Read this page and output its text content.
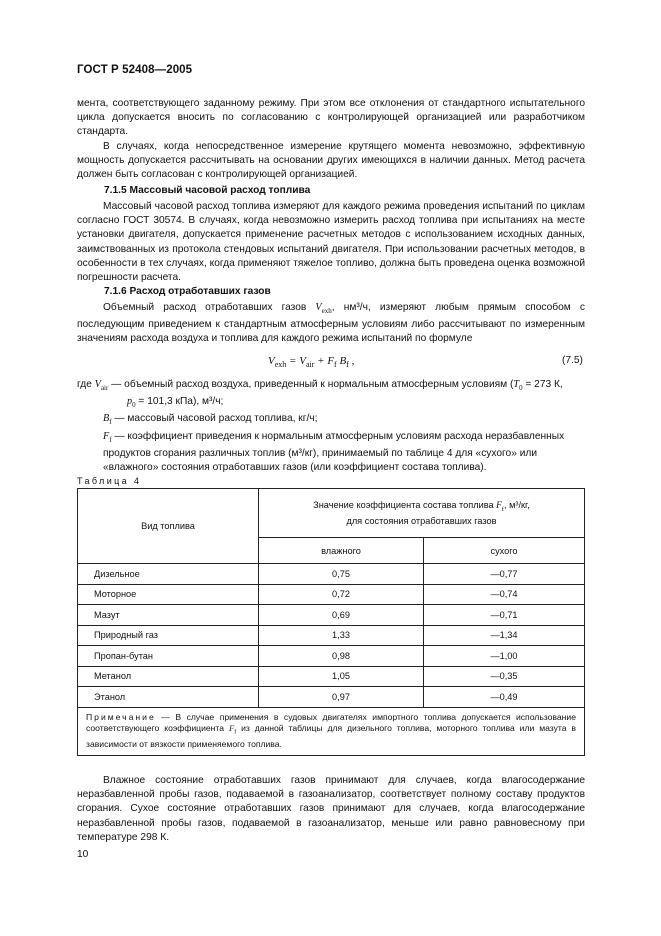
ГОСТ Р 52408—2005
мента, соответствующего заданному режиму. При этом все отклонения от стандартного испытательного цикла допускается вносить по согласованию с контролирующей организацией или разработчиком стандарта.
В случаях, когда непосредственное измерение крутящего момента невозможно, эффективную мощность допускается рассчитывать на основании других имеющихся в наличии данных. Метод расчета должен быть согласован с контролирующей организацией.
7.1.5 Массовый часовой расход топлива
Массовый часовой расход топлива измеряют для каждого режима проведения испытаний по циклам согласно ГОСТ 30574. В случаях, когда невозможно измерить расход топлива при испытаниях на месте установки двигателя, допускается применение расчетных методов с использованием исходных данных, заимствованных из протокола стендовых испытаний двигателя. При использовании расчетных методов, в особенности в тех случаях, когда применяют тяжелое топливо, должна быть проведена оценка возможной погрешности расчета.
7.1.6 Расход отработавших газов
Объемный расход отработавших газов $V_{exh}$, нм³/ч, измеряют любым прямым способом с последующим приведением к стандартным атмосферным условиям либо рассчитывают по измеренным значениям расхода воздуха и топлива для каждого режима испытаний по формуле
$V_{exh} = V_{air} + F_f$ $B_f$ ,	(7.5)
где $V_{air}$ — объемный расход воздуха, приведенный к нормальным атмосферным условиям ($T_0 = 273$ К,
$p_0 = 101,3$ кПа), м³/ч;
$B_f$ — массовый часовой расход топлива, кг/ч;
$F_f$ — коэффициент приведения к нормальным атмосферным условиям расхода неразбавленных продуктов сгорания различных топлив (м³/кг), принимаемый по таблице 4 для «сухого» или «влажного» состояния отработавших газов (или коэффициент состава топлива).
Таблица 4
Вид топлива	Значение коэффициента состава топлива $F_f$, м³/кг,
для состояния отработавших газов	
	влажного	сухого
Дизельное	0,75	—0,77
Моторное	0,72	—0,74
Мазут	0,69	—0,71
Природный газ	1,33	—1,34
Пропан-бутан	0,98	—1,00
Метанол	1,05	—0,35
Этанол	0,97	—0,49
Примечание — В случае применения в судовых двигателях импортного топлива допускается использование соответствующего коэффициента $F_f$ из данной таблицы для дизельного топлива, моторного топлива или мазута в зависимости от вязкости применяемого топлива.		
Влажное состояние отработавших газов принимают для случаев, когда влагосодержание неразбавленной пробы газов, подаваемой в газоанализатор, соответствует полному составу продуктов сгорания. Сухое состояние отработавших газов принимают для случаев, когда влагосодержание неразбавленной пробы газов, подаваемой в газоанализатор, меньше или равно равновесному при температуре 298 К.
10
